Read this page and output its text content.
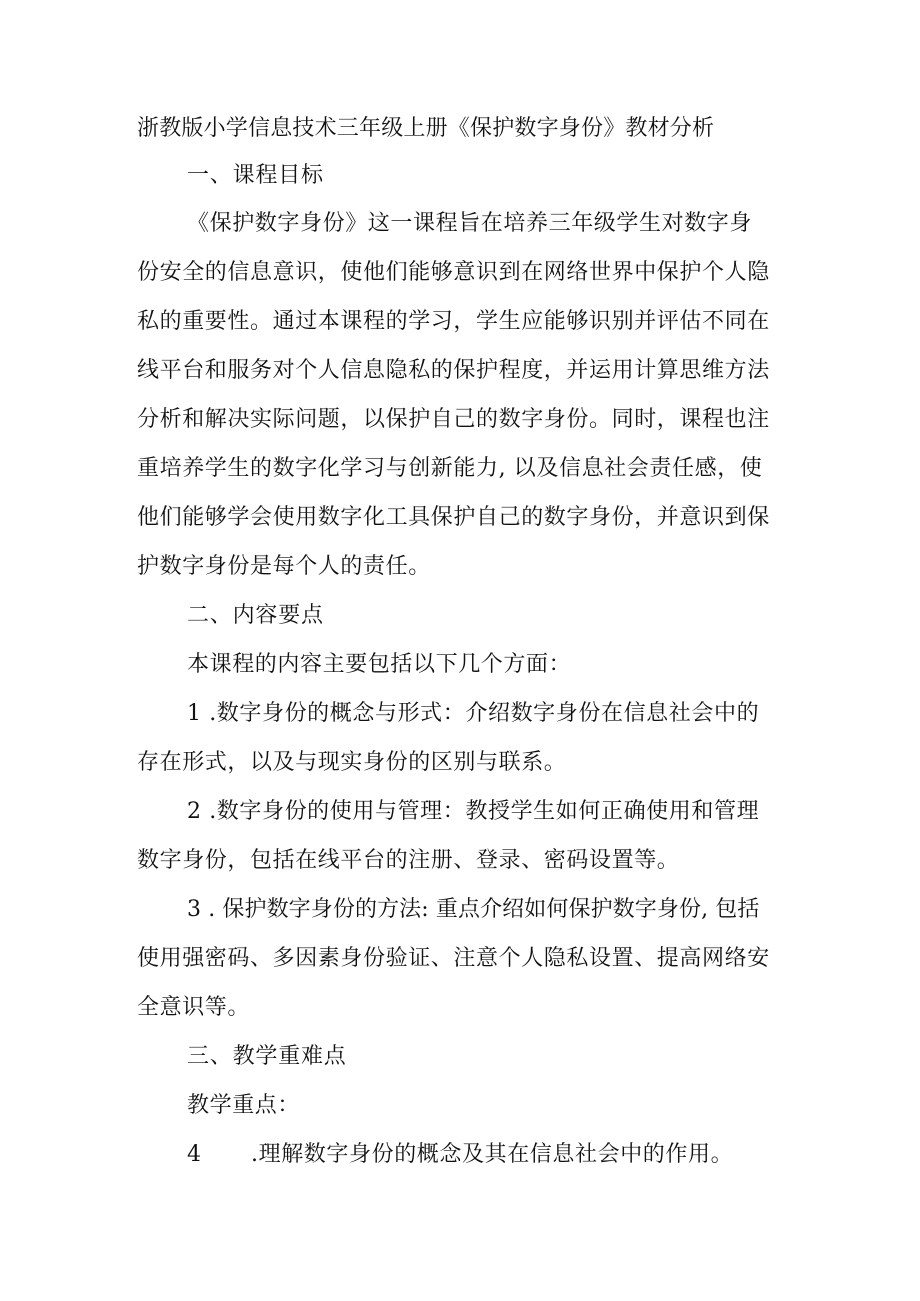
浙教版小学信息技术三年级上册《保护数字身份》教材分析
一、课程目标
《保护数字身份》这一课程旨在培养三年级学生对数字身
份安全的信息意识，使他们能够意识到在网络世界中保护个人隐
私的重要性。通过本课程的学习，学生应能够识别并评估不同在
线平台和服务对个人信息隐私的保护程度，并运用计算思维方法
分析和解决实际问题，以保护自己的数字身份。同时，课程也注
重培养学生的数字化学习与创新能力, 以及信息社会责任感，使
他们能够学会使用数字化工具保护自己的数字身份，并意识到保
护数字身份是每个人的责任。
二、内容要点
本课程的内容主要包括以下几个方面：
1 .数字身份的概念与形式：介绍数字身份在信息社会中的
存在形式，以及与现实身份的区别与联系。
2 .数字身份的使用与管理：教授学生如何正确使用和管理
数字身份，包括在线平台的注册、登录、密码设置等。
3 . 保护数字身份的方法: 重点介绍如何保护数字身份, 包括
使用强密码、多因素身份验证、注意个人隐私设置、提高网络安
全意识等。
三、教学重难点
教学重点：
4 .理解数字身份的概念及其在信息社会中的作用。
